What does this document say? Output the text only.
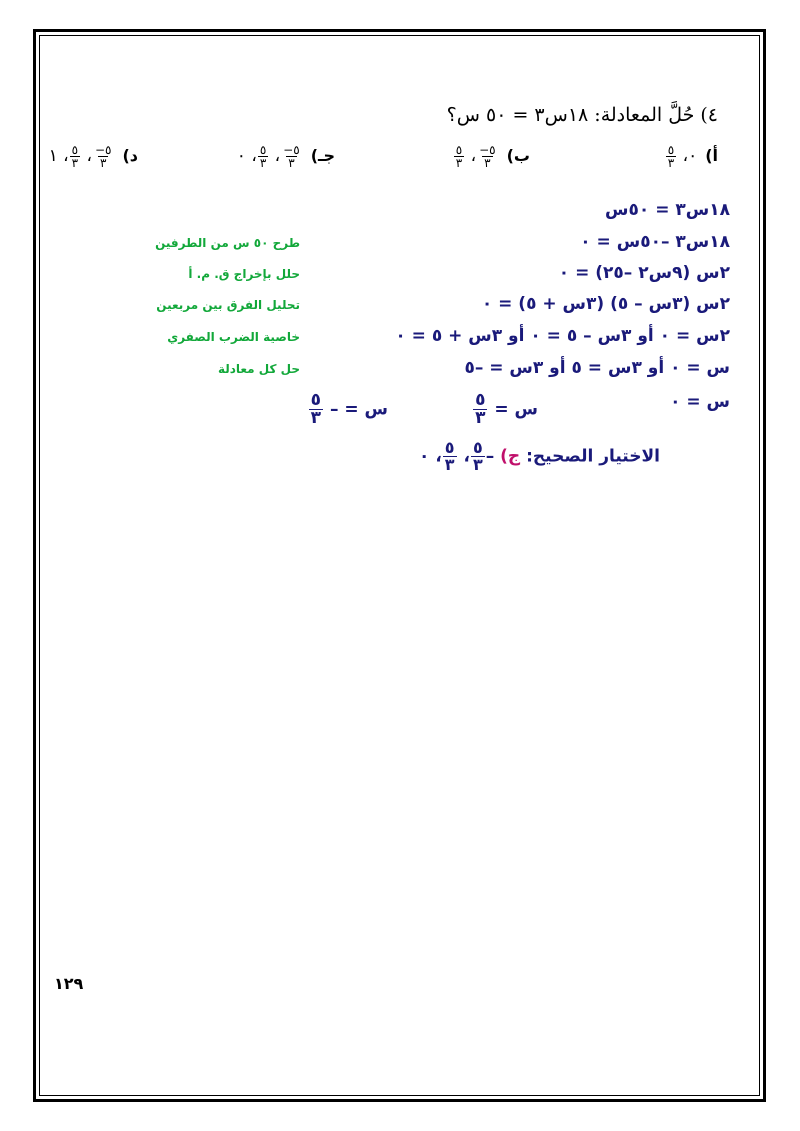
٤) حُلَّ المعادلة: ١٨س٣ = ٥٠ س؟
أ)٠،
$\frac{٥}{٣}$
ب)
$\frac{٥-}{٣}$
،
$\frac{٥}{٣}$
جـ)
$\frac{٥-}{٣}$
،
$\frac{٥}{٣}$
، ٠
د)
$\frac{٥-}{٣}$
،
$\frac{٥}{٣}$
، ١
١٨س٣ = ٥٠س
١٨س٣ –٥٠س = ٠
طرح ٥٠ س من الطرفين
٢س (٩س٢ –٢٥) = ٠
حلل بإخراج ق. م. أ
٢س (٣س – ٥) (٣س + ٥) = ٠
تحليل الفرق بين مربعين
٢س = ٠ أو ٣س – ٥ = ٠ أو ٣س + ٥ = ٠
خاصية الضرب الصفري
س = ٠ أو ٣س = ٥ أو ٣س = –٥
حل كل معادلة
س = ٠
س =
$\frac{٥}{٣}$
س = –
$\frac{٥}{٣}$
الاختيار الصحيح: ج) –
$\frac{٥}{٣}$
،
$\frac{٥}{٣}$
، ٠
١٢٩
